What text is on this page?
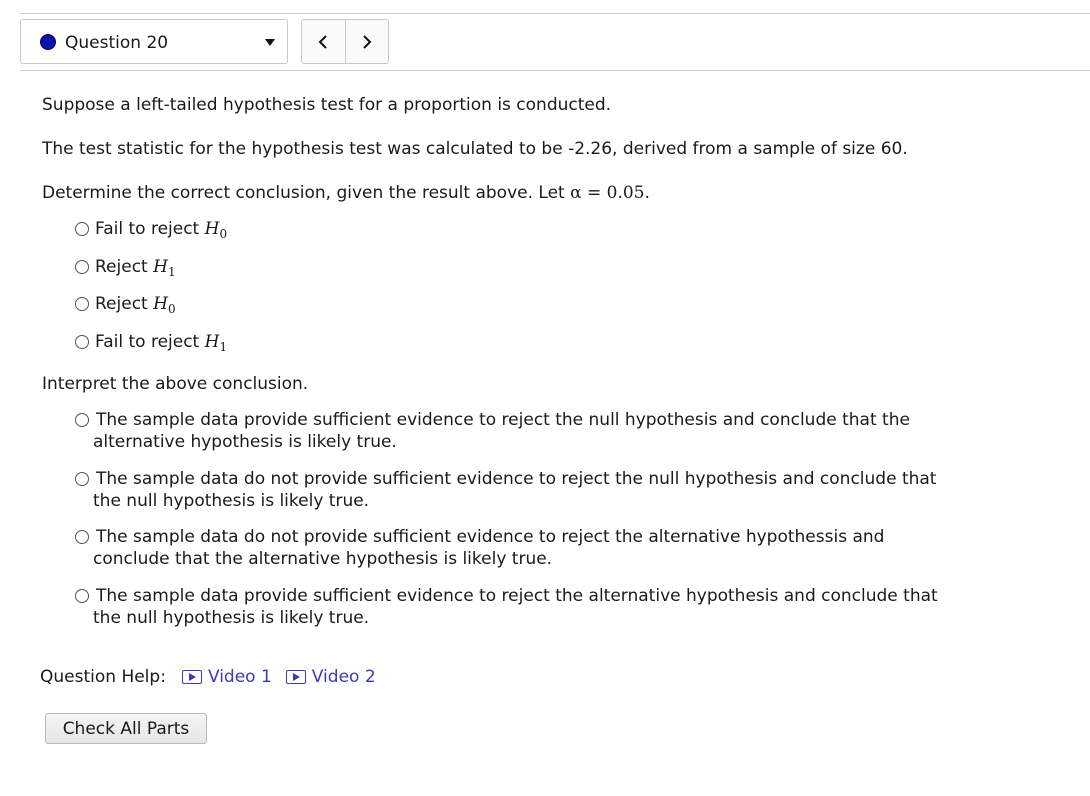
Question 20

Suppose a left-tailed hypothesis test for a proportion is conducted.

The test statistic for the hypothesis test was calculated to be -2.26, derived from a sample of size 60.

Determine the correct conclusion, given the result above. Let α = 0.05.

Fail to reject $H_0$
Reject $H_1$
Reject $H_0$
Fail to reject $H_1$

Interpret the above conclusion.

The sample data provide sufficient evidence to reject the null hypothesis and conclude that the
alternative hypothesis is likely true.
The sample data do not provide sufficient evidence to reject the null hypothesis and conclude that
the null hypothesis is likely true.
The sample data do not provide sufficient evidence to reject the alternative hypothessis and
conclude that the alternative hypothesis is likely true.
The sample data provide sufficient evidence to reject the alternative hypothesis and conclude that
the null hypothesis is likely true.
Question Help: Video 1 Video 2
Check All Parts
